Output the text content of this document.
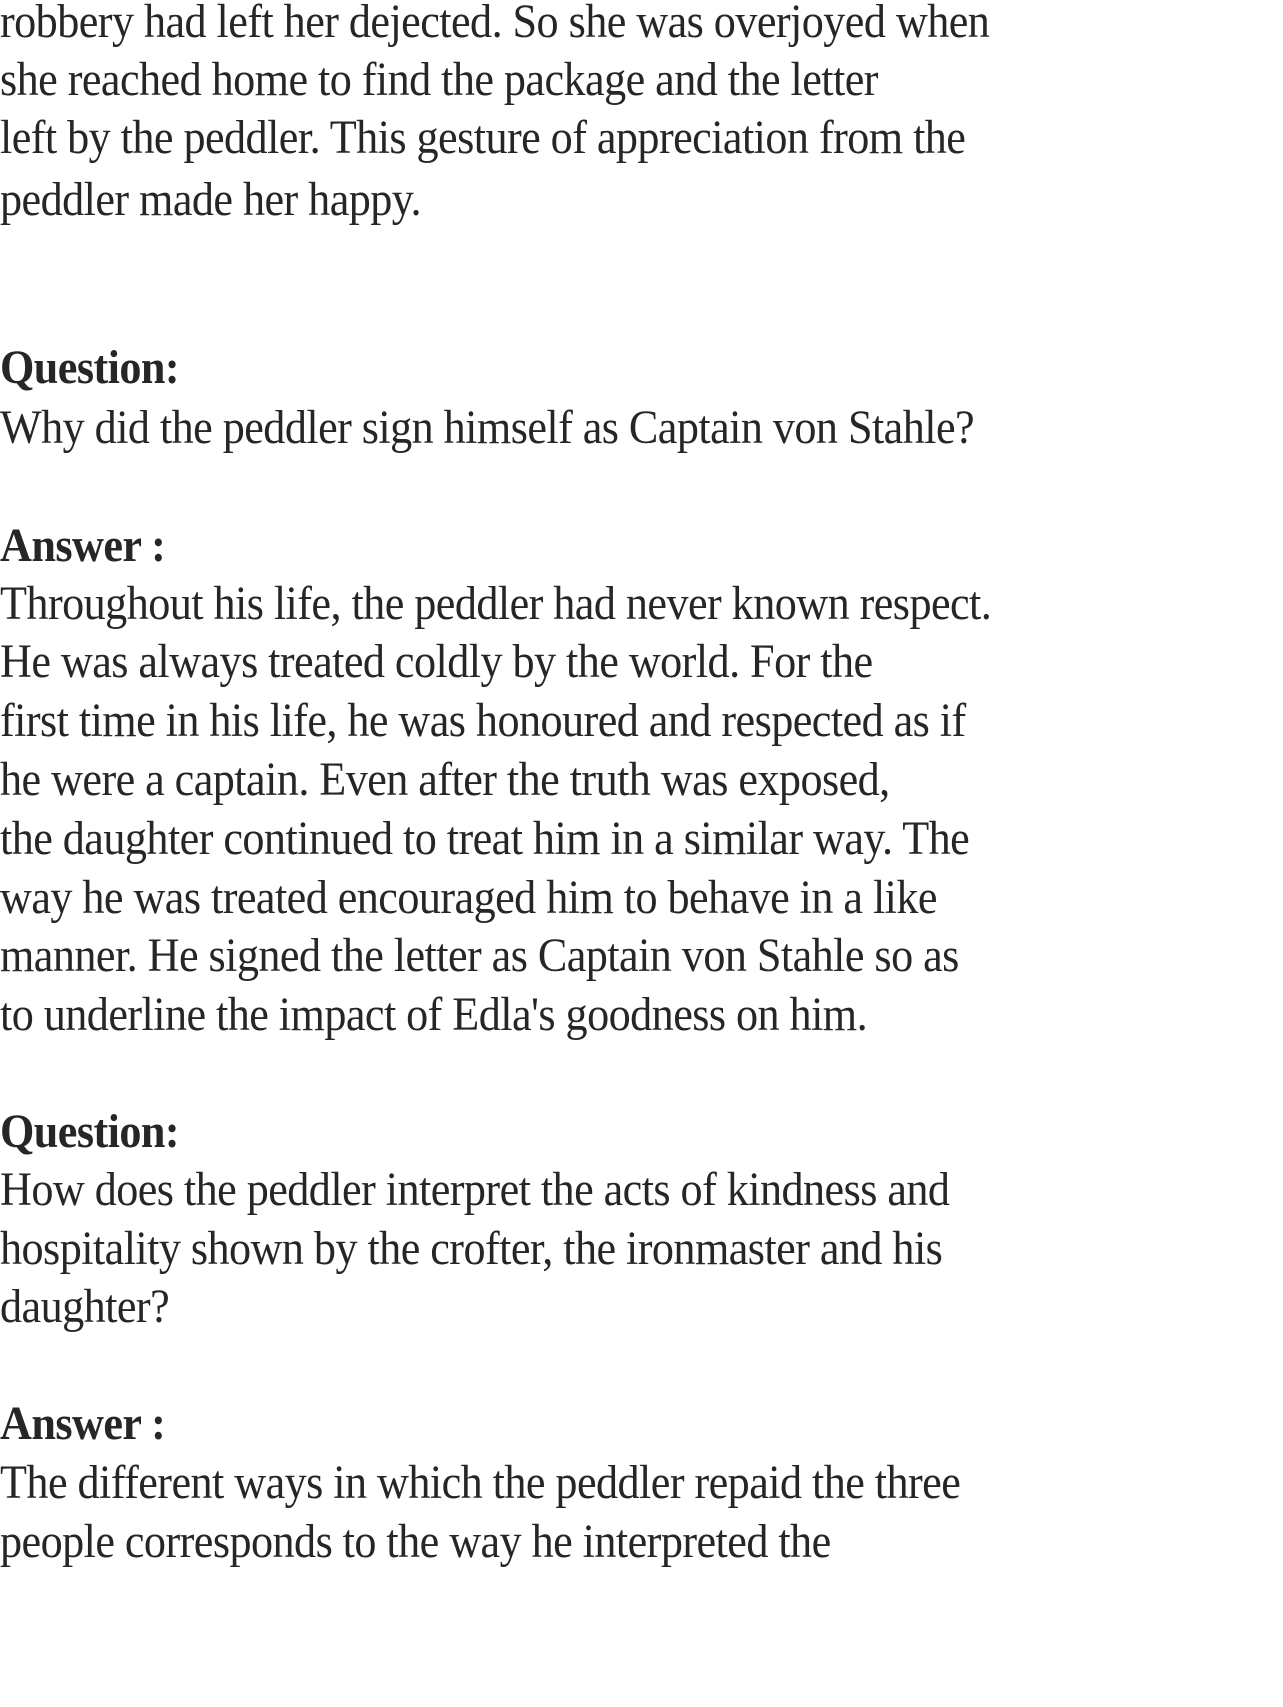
robbery had left her dejected. So she was overjoyed when
she reached home to find the package and the letter
left by the peddler. This gesture of appreciation from the
peddler made her happy.
Question:
Why did the peddler sign himself as Captain von Stahle?
Answer :
Throughout his life, the peddler had never known respect.
He was always treated coldly by the world. For the
first time in his life, he was honoured and respected as if
he were a captain. Even after the truth was exposed,
the daughter continued to treat him in a similar way. The
way he was treated encouraged him to behave in a like
manner. He signed the letter as Captain von Stahle so as
to underline the impact of Edla's goodness on him.
Question:
How does the peddler interpret the acts of kindness and
hospitality shown by the crofter, the ironmaster and his
daughter?
Answer :
The different ways in which the peddler repaid the three
people corresponds to the way he interpreted the
